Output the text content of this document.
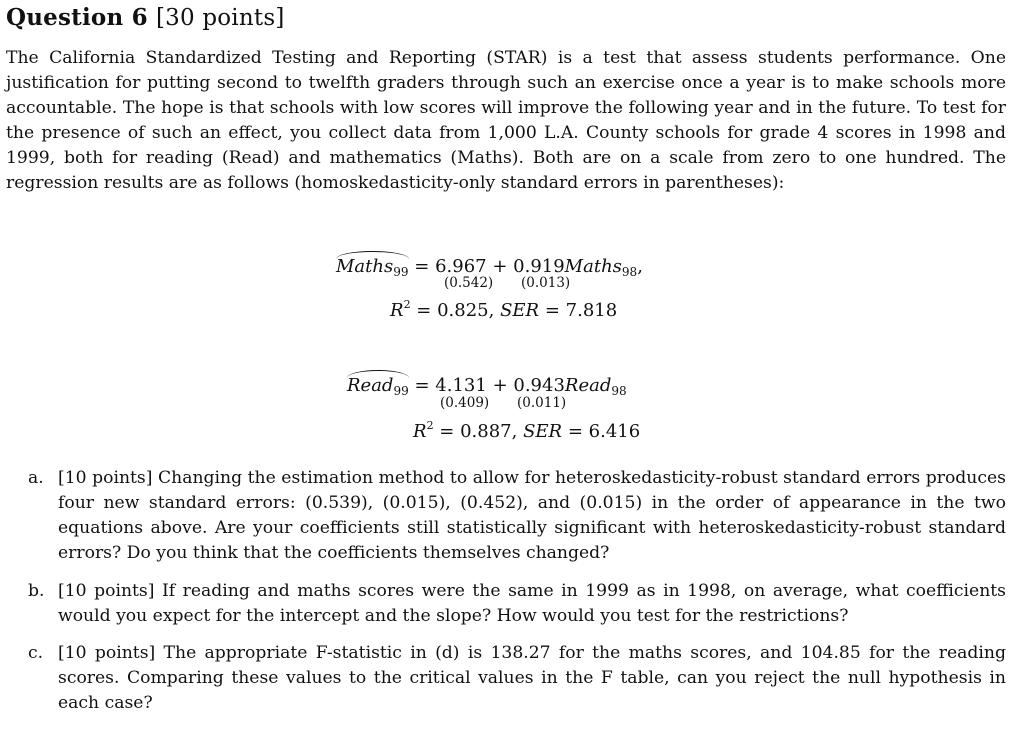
Question 6 [30 points]

The California Standardized Testing and Reporting (STAR) is a test that assess students performance. One justification for putting second to twelfth graders through such an exercise once a year is to make schools more accountable. The hope is that schools with low scores will improve the following year and in the future. To test for the presence of such an effect, you collect data from 1,000 L.A. County schools for grade 4 scores in 1998 and 1999, both for reading (Read) and mathematics (Maths). Both are on a scale from zero to one hundred. The regression results are as follows (homoskedasticity-only standard errors in parentheses):

Maths$_{99}$ = 6.967 + 0.919Maths$_{98}$,
(0.542) (0.013)
$R^2 = 0.825$, SER = 7.818
Read$_{99}$ = 4.131 + 0.943Read$_{98}$
(0.409) (0.011)
$R^2 = 0.887$, SER = 6.416
a. [10 points] Changing the estimation method to allow for heteroskedasticity-robust standard errors produces four new standard errors: (0.539), (0.015), (0.452), and (0.015) in the order of appearance in the two equations above. Are your coefficients still statistically significant with heteroskedasticity-robust standard errors? Do you think that the coefficients themselves changed?
b. [10 points] If reading and maths scores were the same in 1999 as in 1998, on average, what coefficients would you expect for the intercept and the slope? How would you test for the restrictions?
c. [10 points] The appropriate F-statistic in (d) is 138.27 for the maths scores, and 104.85 for the reading scores. Comparing these values to the critical values in the F table, can you reject the null hypothesis in each case?
